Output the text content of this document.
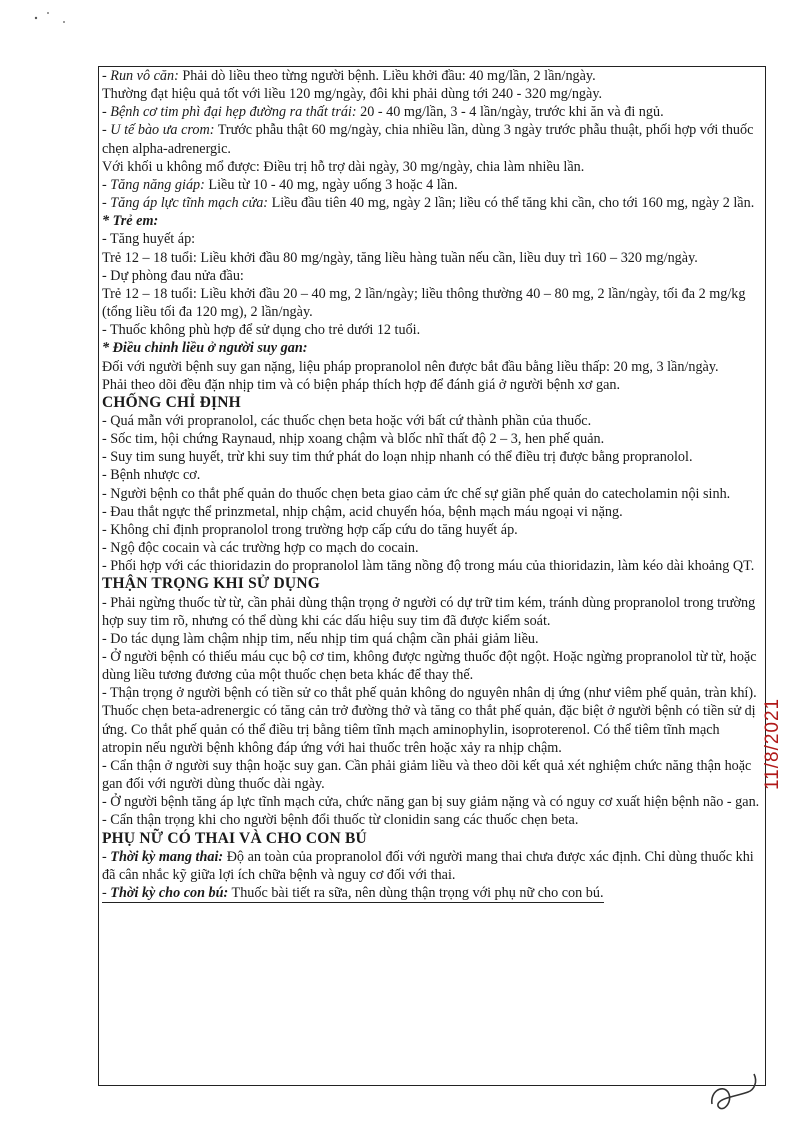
- Run vô căn: Phải dò liều theo từng người bệnh. Liều khởi đầu: 40 mg/lần, 2 lần/ngày.

Thường đạt hiệu quả tốt với liều 120 mg/ngày, đôi khi phải dùng tới 240 - 320 mg/ngày.

- Bệnh cơ tim phì đại hẹp đường ra thất trái: 20 - 40 mg/lần, 3 - 4 lần/ngày, trước khi ăn và đi ngủ.

- U tế bào ưa crom: Trước phẫu thật 60 mg/ngày, chia nhiều lần, dùng 3 ngày trước phẫu thuật, phối hợp với thuốc chẹn alpha-adrenergic.

Với khối u không mổ được: Điều trị hỗ trợ dài ngày, 30 mg/ngày, chia làm nhiều lần.

- Tăng năng giáp: Liều từ 10 - 40 mg, ngày uống 3 hoặc 4 lần.

- Tăng áp lực tĩnh mạch cửa: Liều đầu tiên 40 mg, ngày 2 lần; liều có thể tăng khi cần, cho tới 160 mg, ngày 2 lần.

* Trẻ em:

- Tăng huyết áp:

Trẻ 12 – 18 tuổi: Liều khởi đầu 80 mg/ngày, tăng liều hàng tuần nếu cần, liều duy trì 160 – 320 mg/ngày.

- Dự phòng đau nửa đầu:

Trẻ 12 – 18 tuổi: Liều khởi đầu 20 – 40 mg, 2 lần/ngày; liều thông thường 40 – 80 mg, 2 lần/ngày, tối đa 2 mg/kg (tổng liều tối đa 120 mg), 2 lần/ngày.

- Thuốc không phù hợp để sử dụng cho trẻ dưới 12 tuổi.

* Điều chỉnh liều ở người suy gan:

Đối với người bệnh suy gan nặng, liệu pháp propranolol nên được bắt đầu bằng liều thấp: 20 mg, 3 lần/ngày.

Phải theo dõi đều đặn nhịp tim và có biện pháp thích hợp để đánh giá ở người bệnh xơ gan.

CHỐNG CHỈ ĐỊNH

- Quá mẫn với propranolol, các thuốc chẹn beta hoặc với bất cứ thành phần của thuốc.

- Sốc tim, hội chứng Raynaud, nhịp xoang chậm và blốc nhĩ thất độ 2 – 3, hen phế quản.

- Suy tim sung huyết, trừ khi suy tim thứ phát do loạn nhịp nhanh có thể điều trị được bằng propranolol.

- Bệnh nhược cơ.

- Người bệnh co thắt phế quản do thuốc chẹn beta giao cảm ức chế sự giãn phế quản do catecholamin nội sinh.

- Đau thắt ngực thể prinzmetal, nhịp chậm, acid chuyển hóa, bệnh mạch máu ngoại vi nặng.

- Không chỉ định propranolol trong trường hợp cấp cứu do tăng huyết áp.

- Ngộ độc cocain và các trường hợp co mạch do cocain.

- Phối hợp với các thioridazin do propranolol làm tăng nồng độ trong máu của thioridazin, làm kéo dài khoảng QT.

THẬN TRỌNG KHI SỬ DỤNG

- Phải ngừng thuốc từ từ, cần phải dùng thận trọng ở người có dự trữ tim kém, tránh dùng propranolol trong trường hợp suy tim rõ, nhưng có thể dùng khi các dấu hiệu suy tim đã được kiểm soát.

- Do tác dụng làm chậm nhịp tim, nếu nhịp tim quá chậm cần phải giảm liều.

- Ở người bệnh có thiếu máu cục bộ cơ tim, không được ngừng thuốc đột ngột. Hoặc ngừng propranolol từ từ, hoặc dùng liều tương đương của một thuốc chẹn beta khác để thay thế.

- Thận trọng ở người bệnh có tiền sử co thắt phế quản không do nguyên nhân dị ứng (như viêm phế quản, tràn khí). Thuốc chẹn beta-adrenergic có tăng cản trở đường thở và tăng co thắt phế quản, đặc biệt ở người bệnh có tiền sử dị ứng. Co thắt phế quản có thể điều trị bằng tiêm tĩnh mạch aminophylin, isoproterenol. Có thể tiêm tĩnh mạch atropin nếu người bệnh không đáp ứng với hai thuốc trên hoặc xảy ra nhịp chậm.

- Cẩn thận ở người suy thận hoặc suy gan. Cần phải giảm liều và theo dõi kết quả xét nghiệm chức năng thận hoặc gan đối với người dùng thuốc dài ngày.

- Ở người bệnh tăng áp lực tĩnh mạch cửa, chức năng gan bị suy giảm nặng và có nguy cơ xuất hiện bệnh não - gan.

- Cẩn thận trọng khi cho người bệnh đổi thuốc từ clonidin sang các thuốc chẹn beta.

PHỤ NỮ CÓ THAI VÀ CHO CON BÚ

- Thời kỳ mang thai: Độ an toàn của propranolol đối với người mang thai chưa được xác định. Chỉ dùng thuốc khi đã cân nhắc kỹ giữa lợi ích chữa bệnh và nguy cơ đối với thai.

- Thời kỳ cho con bú: Thuốc bài tiết ra sữa, nên dùng thận trọng với phụ nữ cho con bú.

11/8/2021
